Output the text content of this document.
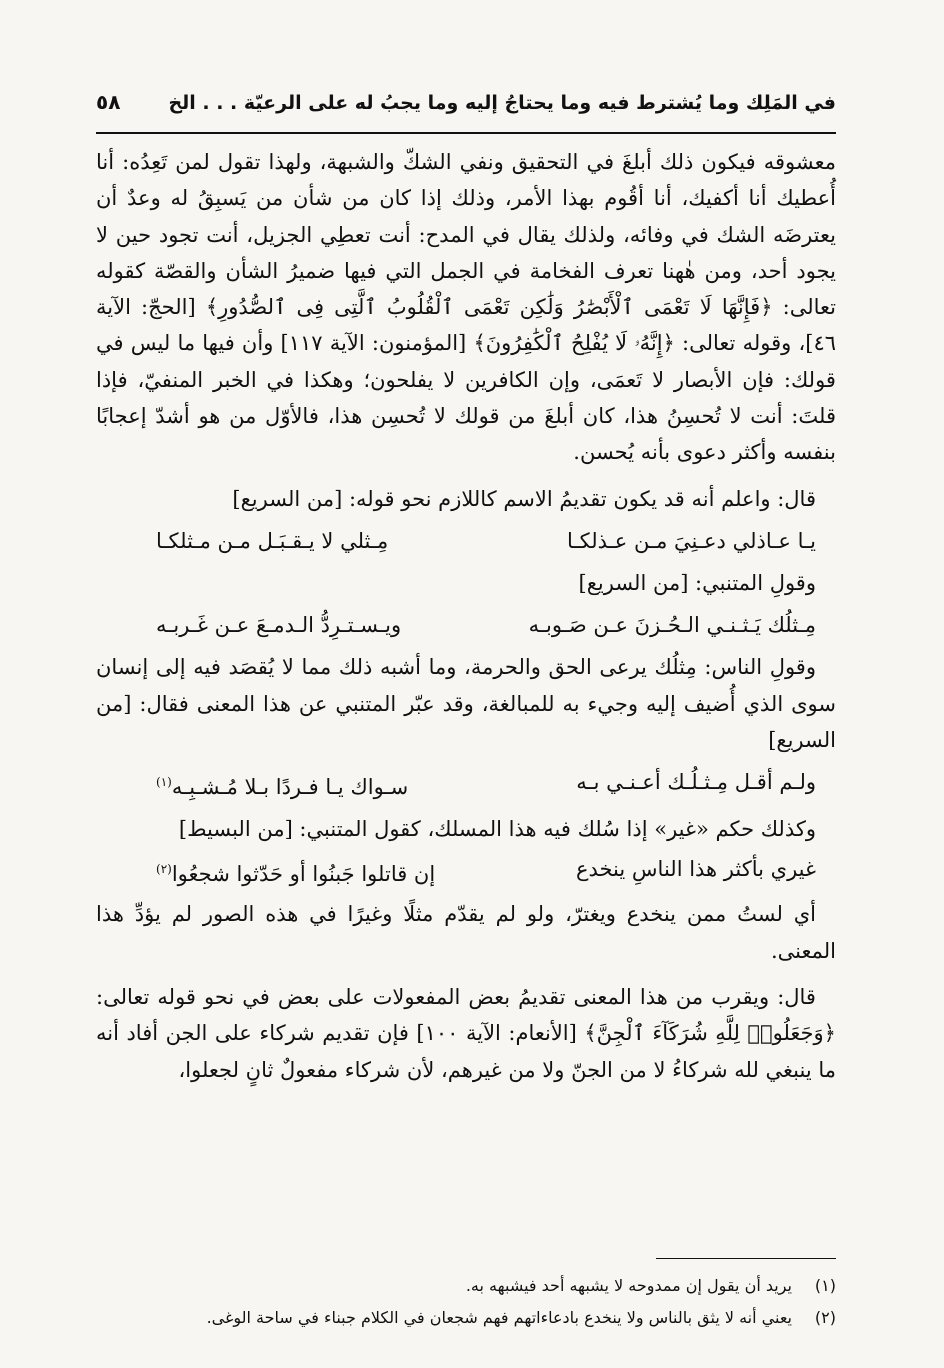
في المَلِك وما يُشترط فيه وما يحتاجُ إليه وما يجبُ له على الرعيّة . . . الخ
٥٨
معشوقه فيكون ذلك أبلغَ في التحقيق ونفي الشكّ والشبهة، ولهذا تقول لمن تَعِدُه: أنا أُعطيك أنا أكفيك، أنا أقُوم بهذا الأمر، وذلك إذا كان من شأن من يَسبِقُ له وعدٌ أن يعترضَه الشك في وفائه، ولذلك يقال في المدح: أنت تعطِي الجزيل، أنت تجود حين لا يجود أحد، ومن هٰهنا تعرف الفخامة في الجمل التي فيها ضميرُ الشأن والقصّة كقوله تعالى: ﴿فَإِنَّهَا لَا تَعْمَى ٱلْأَبْصَٰرُ وَلَٰكِن تَعْمَى ٱلْقُلُوبُ ٱلَّتِى فِى ٱلصُّدُورِ﴾ [الحجّ: الآية ٤٦]، وقوله تعالى: ﴿إِنَّهُۥ لَا يُفْلِحُ ٱلْكَٰفِرُونَ﴾ [المؤمنون: الآية ١١٧] وأن فيها ما ليس في قولك: فإن الأبصار لا تَعمَى، وإن الكافرين لا يفلحون؛ وهكذا في الخبر المنفيّ، فإذا قلتَ: أنت لا تُحسِنُ هذا، كان أبلغَ من قولك لا تُحسِن هذا، فالأوّل من هو أشدّ إعجابًا بنفسه وأكثر دعوى بأنه يُحسن.

قال: واعلم أنه قد يكون تقديمُ الاسم كاللازم نحو قوله: [من السريع]

يـا عـاذلي دعـنِيَ مـن عـذلكـا
مِـثلي لا يـقـبَـل مـن مـثلكـا

وقولِ المتنبي: [من السريع]

مِـثلُك يَـثـنـي الـحُـزنَ عـن صَـوبـه
ويـسـتـرِدُّ الـدمـعَ عـن غَـربـه
وقولِ الناس: مِثلُك يرعى الحق والحرمة، وما أشبه ذلك مما لا يُقصَد فيه إلى إنسان سوى الذي أُضيف إليه وجيء به للمبالغة، وقد عبّر المتنبي عن هذا المعنى فقال: [من السريع]
ولـم أقـل مِـثـلُـك أعـنـي بـه
سـواك يـا فـردًا بـلا مُـشـبِـه$^{(١)}$

وكذلك حكم «غير» إذا سُلك فيه هذا المسلك، كقول المتنبي: [من البسيط]

غيري بأكثر هذا الناسِ ينخدع
إن قاتلوا جَبنُوا أو حَدّثوا شجعُوا$^{(٢)}$
أي لستُ ممن ينخدع ويغترّ، ولو لم يقدّم مثلًا وغيرًا في هذه الصور لم يؤدِّ هذا المعنى.
قال: ويقرب من هذا المعنى تقديمُ بعض المفعولات على بعض في نحو قوله تعالى: ﴿وَجَعَلُوا۟ لِلَّهِ شُرَكَآءَ ٱلْجِنَّ﴾ [الأنعام: الآية ١٠٠] فإن تقديم شركاء على الجن أفاد أنه ما ينبغي لله شركاءُ لا من الجنّ ولا من غيرهم، لأن شركاء مفعولٌ ثانٍ لجعلوا،
(١)يريد أن يقول إن ممدوحه لا يشبهه أحد فيشبهه به.
(٢)يعني أنه لا يثق بالناس ولا ينخدع بادعاءاتهم فهم شجعان في الكلام جبناء في ساحة الوغى.
